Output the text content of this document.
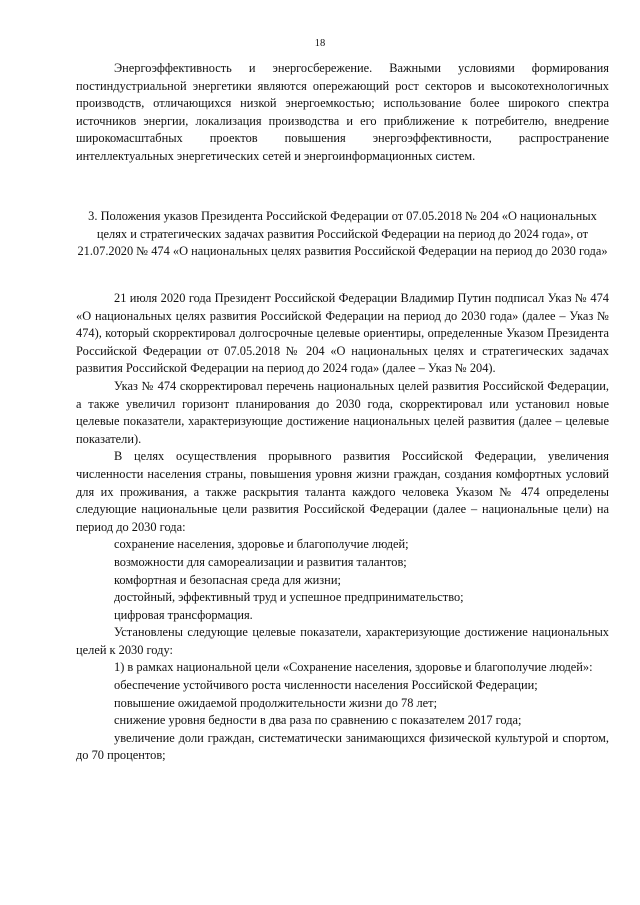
18

Энергоэффективность и энергосбережение. Важными условиями формирования постиндустриальной энергетики являются опережающий рост секторов и высокотехнологичных производств, отличающихся низкой энергоемкостью; использование более широкого спектра источников энергии, локализация производства и его приближение к потребителю, внедрение широкомасштабных проектов повышения энергоэффективности, распространение интеллектуальных энергетических сетей и энергоинформационных систем.

3. Положения указов Президента Российской Федерации от 07.05.2018 № 204 «О национальных целях и стратегических задачах развития Российской Федерации на период до 2024 года», от 21.07.2020 № 474 «О национальных целях развития Российской Федерации на период до 2030 года»

21 июля 2020 года Президент Российской Федерации Владимир Путин подписал Указ № 474 «О национальных целях развития Российской Федерации на период до 2030 года» (далее – Указ № 474), который скорректировал долгосрочные целевые ориентиры, определенные Указом Президента Российской Федерации от 07.05.2018 № 204 «О национальных целях и стратегических задачах развития Российской Федерации на период до 2024 года» (далее – Указ № 204).

Указ № 474 скорректировал перечень национальных целей развития Российской Федерации, а также увеличил горизонт планирования до 2030 года, скорректировал или установил новые целевые показатели, характеризующие достижение национальных целей развития (далее – целевые показатели).

В целях осуществления прорывного развития Российской Федерации, увеличения численности населения страны, повышения уровня жизни граждан, создания комфортных условий для их проживания, а также раскрытия таланта каждого человека Указом № 474 определены следующие национальные цели развития Российской Федерации (далее – национальные цели) на период до 2030 года:

сохранение населения, здоровье и благополучие людей;

возможности для самореализации и развития талантов;

комфортная и безопасная среда для жизни;

достойный, эффективный труд и успешное предпринимательство;

цифровая трансформация.

Установлены следующие целевые показатели, характеризующие достижение национальных целей к 2030 году:

1) в рамках национальной цели «Сохранение населения, здоровье и благополучие людей»:

обеспечение устойчивого роста численности населения Российской Федерации;

повышение ожидаемой продолжительности жизни до 78 лет;

снижение уровня бедности в два раза по сравнению с показателем 2017 года;

увеличение доли граждан, систематически занимающихся физической культурой и спортом, до 70 процентов;
